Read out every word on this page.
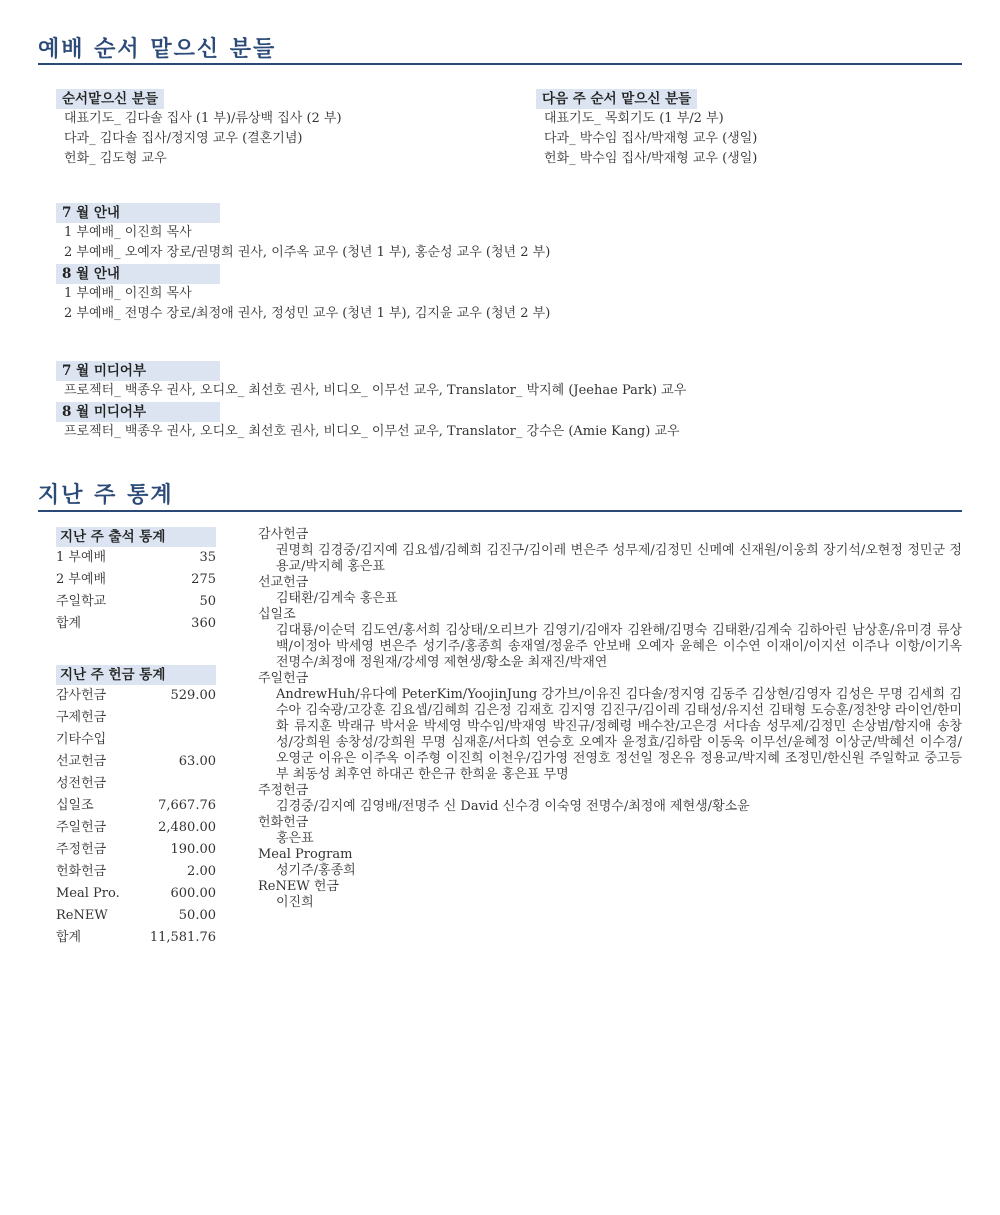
예배 순서 맡으신 분들
순서맡으신 분들
대표기도_ 김다솔 집사 (1 부)/류상백 집사 (2 부)
다과_ 김다솔 집사/정지영 교우 (결혼기념)
헌화_ 김도형 교우
다음 주 순서 맡으신 분들
대표기도_ 목회기도 (1 부/2 부)
다과_ 박수임 집사/박재형 교우 (생일)
헌화_ 박수임 집사/박재형 교우 (생일)
7 월 안내
1 부예배_ 이진희 목사
2 부예배_ 오예자 장로/권명희 권사, 이주옥 교우 (청년 1 부), 홍순성 교우 (청년 2 부)
8 월 안내
1 부예배_ 이진희 목사
2 부예배_ 전명수 장로/최정애 권사, 정성민 교우 (청년 1 부), 김지윤 교우 (청년 2 부)
7 월 미디어부
프로젝터_ 백종우 권사, 오디오_ 최선호 권사, 비디오_ 이무선 교우, Translator_ 박지혜 (Jeehae Park) 교우
8 월 미디어부
프로젝터_ 백종우 권사, 오디오_ 최선호 권사, 비디오_ 이무선 교우, Translator_ 강수은 (Amie Kang) 교우
지난 주 통계
지난 주 출석 통계
1 부예배	35
2 부예배	275
주일학교	50
합계	360
지난 주 헌금 통계
감사헌금	529.00
구제헌금
기타수입
선교헌금	63.00
성전헌금
십일조	7,667.76
주일헌금	2,480.00
주정헌금	190.00
헌화헌금	2.00
Meal Pro.	600.00
ReNEW	50.00
합계	11,581.76
감사헌금
권명희 김경중/김지예 김요셉/김혜희 김진구/김이레 변은주 성무제/김정민 신메예 신재원/이웅희 장기석/오현정 정민군 정용교/박지혜 홍은표
선교헌금
김태환/김계숙 홍은표
십일조
김대룡/이순덕 김도연/홍서희 김상태/오리브가 김영기/김애자 김완해/김명숙 김태환/김계숙 김하아린 남상훈/유미경 류상백/이정아 박세영 변은주 성기주/홍종희 송재열/정윤주 안보배 오예자 윤혜은 이수연 이재이/이지선 이주나 이항/이기옥 전명수/최정애 정원재/강세영 제현생/황소윤 최재진/박재연
주일헌금
AndrewHuh/유다예 PeterKim/YoojinJung 강가브/이유진 김다솔/정지영 김동주 김상현/김영자 김성은 무명 김세희 김수아 김숙광/고강훈 김요셉/김혜희 김은정 김재호 김지영 김진구/김이레 김태성/유지선 김태형 도승훈/정찬양 라이언/한미화 류지훈 박래규 박서윤 박세영 박수임/박재영 박진규/정혜령 배수찬/고은경 서다솜 성무제/김정민 손상범/함지애 송창성/강희원 송창성/강희원 무명 심재훈/서다희 연승호 오예자 윤정효/김하람 이동욱 이무선/윤혜정 이상군/박혜선 이수경/오영군 이유은 이주옥 이주형 이진희 이천우/김가영 전영호 정선일 정온유 정용교/박지혜 조정민/한신원 주일학교 중고등부 최동성 최후연 하대곤 한은규 한희윤 홍은표 무명
주정헌금
김경중/김지예 김영배/전명주 신 David 신수경 이숙영 전명수/최정애 제현생/황소윤
헌화헌금
홍은표
Meal Program
성기주/홍종희
ReNEW 헌금
이진희
